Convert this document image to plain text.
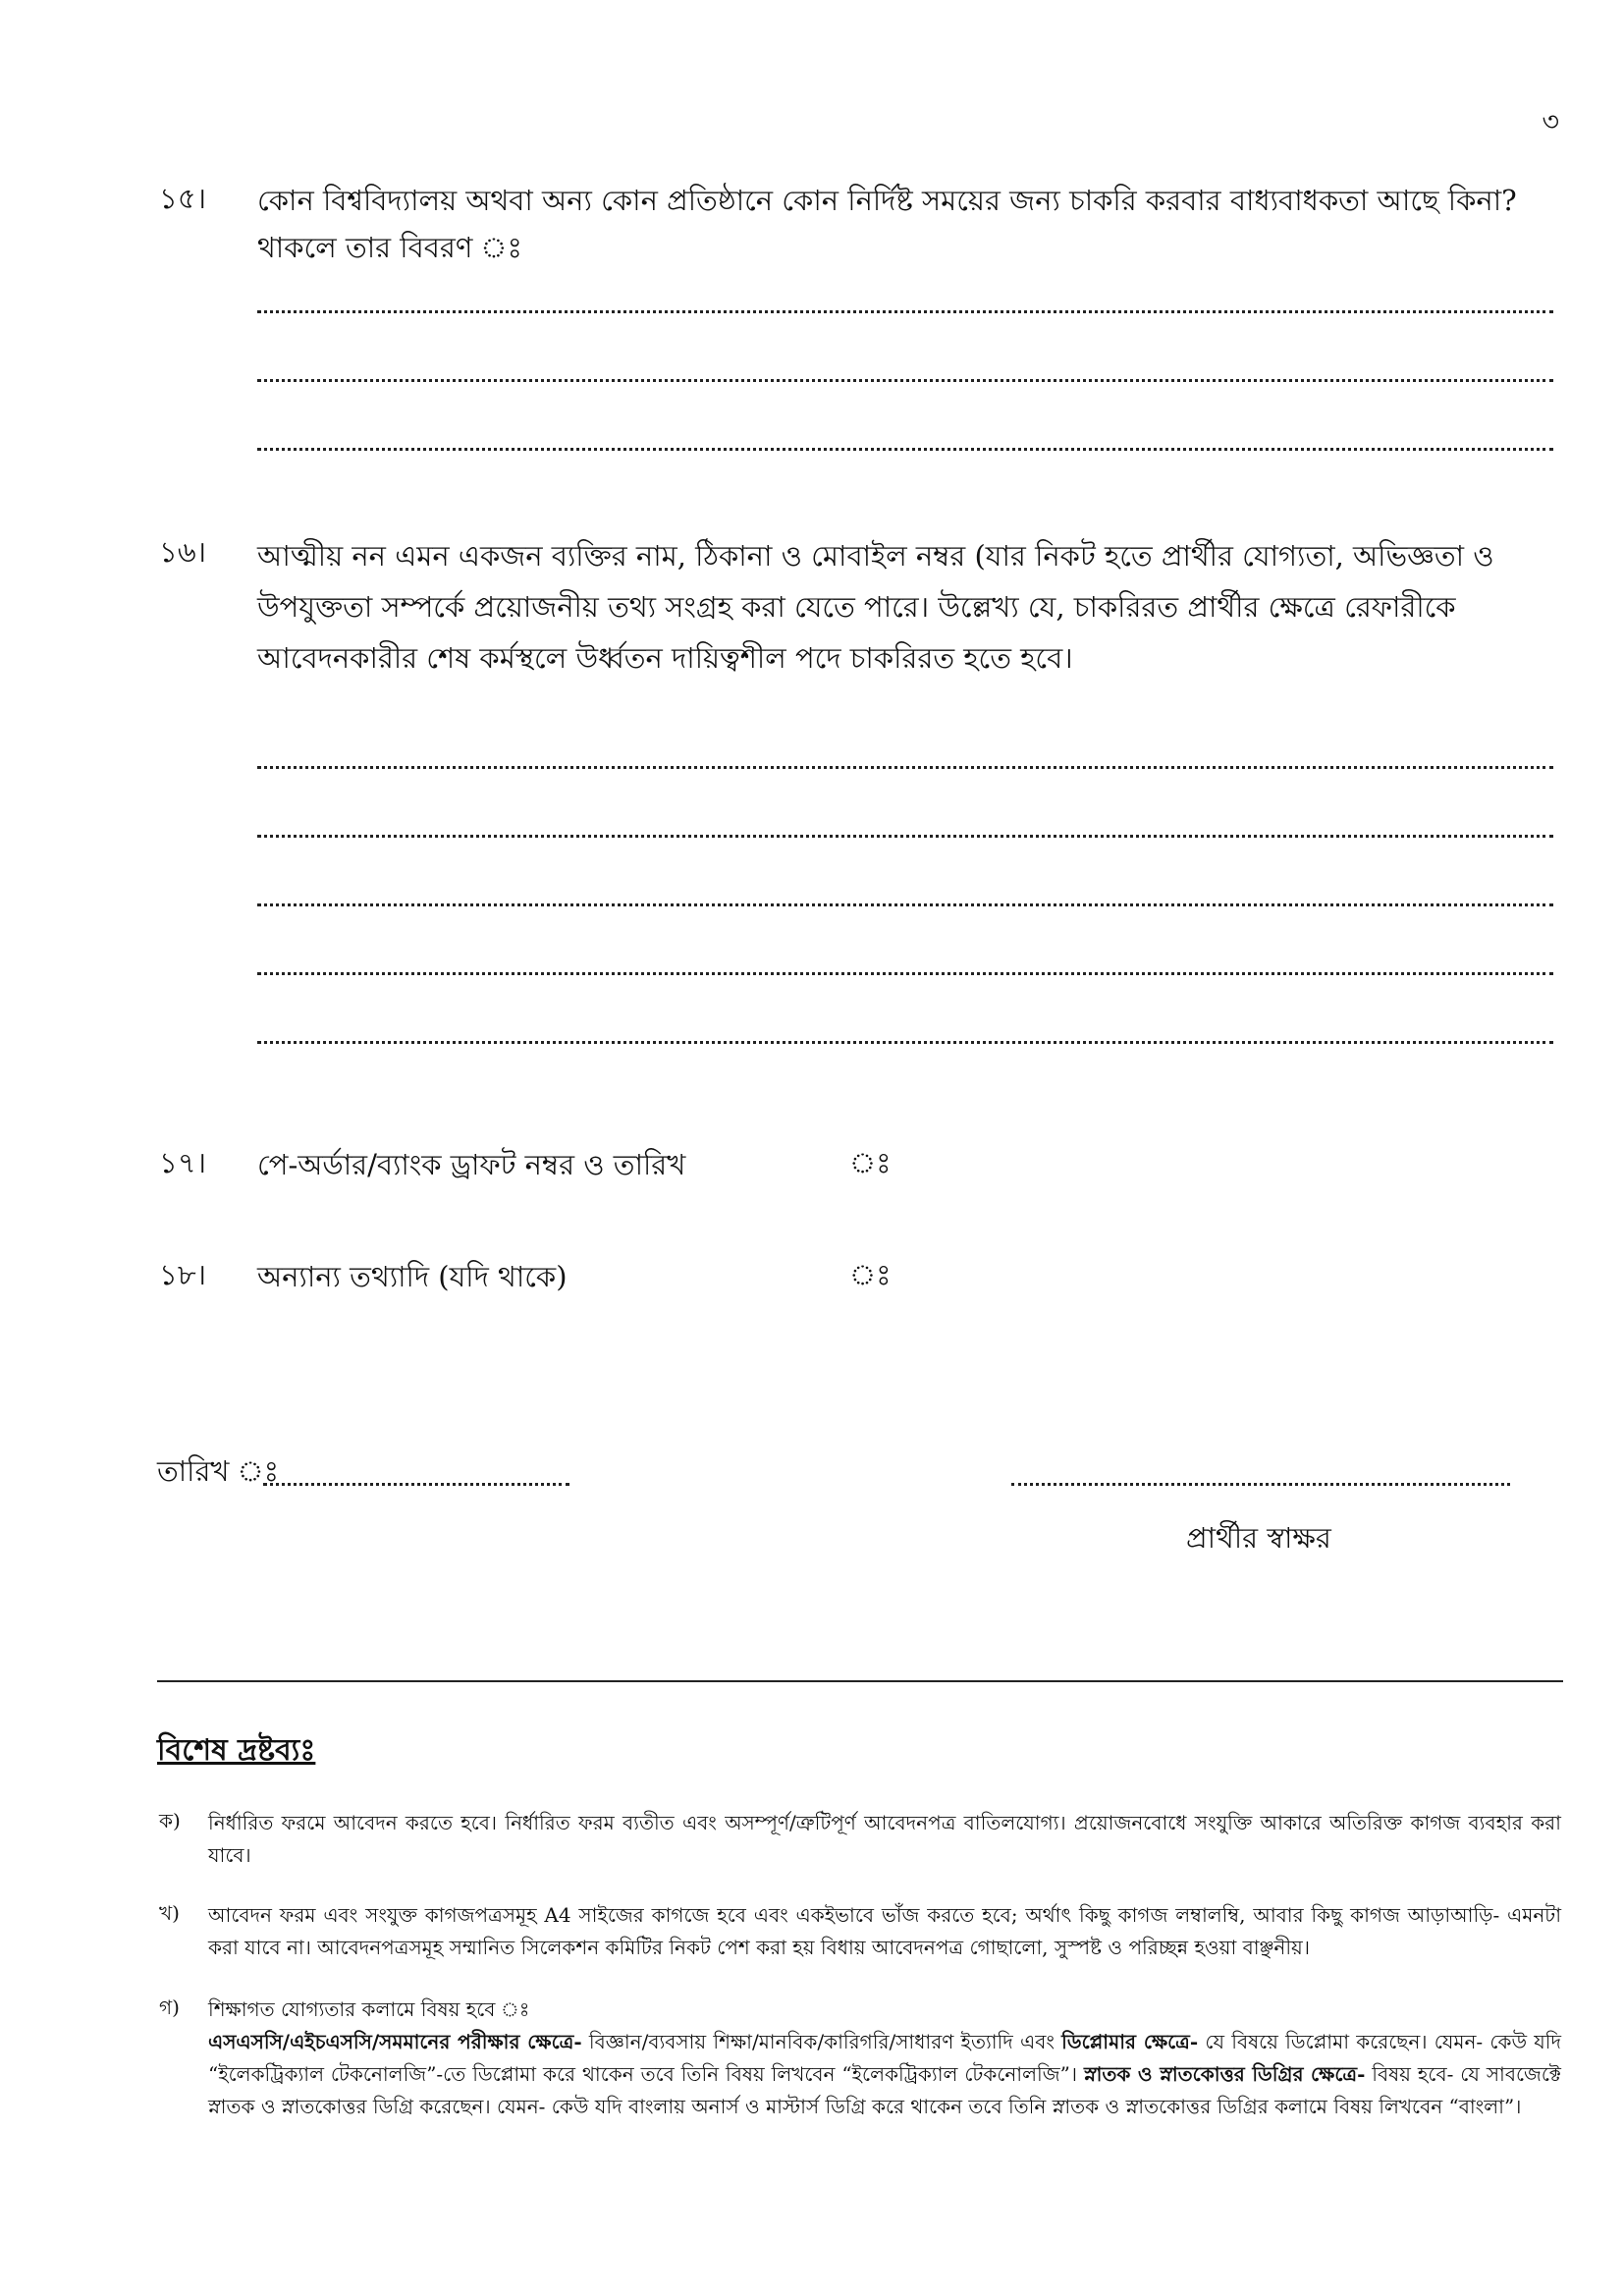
৩
১৫। কোন বিশ্ববিদ্যালয় অথবা অন্য কোন প্রতিষ্ঠানে কোন নির্দিষ্ট সময়ের জন্য চাকরি করবার বাধ্যবাধকতা আছে কিনা?
থাকলে তার বিবরণ ঃ
১৬। আত্মীয় নন এমন একজন ব্যক্তির নাম, ঠিকানা ও মোবাইল নম্বর (যার নিকট হতে প্রার্থীর যোগ্যতা, অভিজ্ঞতা ও
উপযুক্ততা সম্পর্কে প্রয়োজনীয় তথ্য সংগ্রহ করা যেতে পারে। উল্লেখ্য যে, চাকরিরত প্রার্থীর ক্ষেত্রে রেফারীকে
আবেদনকারীর শেষ কর্মস্থলে উর্ধ্বতন দায়িত্বশীল পদে চাকরিরত হতে হবে।
১৭। পে-অর্ডার/ব্যাংক ড্রাফট নম্বর ও তারিখ	ঃ
১৮। অন্যান্য তথ্যাদি (যদি থাকে)	ঃ
তারিখ ঃ
প্রার্থীর স্বাক্ষর
বিশেষ দ্রষ্টব্যঃ
ক) নির্ধারিত ফরমে আবেদন করতে হবে। নির্ধারিত ফরম ব্যতীত এবং অসম্পূর্ণ/ত্রুটিপূর্ণ আবেদনপত্র বাতিলযোগ্য। প্রয়োজনবোধে সংযুক্তি আকারে অতিরিক্ত কাগজ ব্যবহার করা যাবে।
খ) আবেদন ফরম এবং সংযুক্ত কাগজপত্রসমূহ A4 সাইজের কাগজে হবে এবং একইভাবে ভাঁজ করতে হবে; অর্থাৎ কিছু কাগজ লম্বালম্বি, আবার কিছু কাগজ আড়াআড়ি- এমনটা করা যাবে না। আবেদনপত্রসমূহ সম্মানিত সিলেকশন কমিটির নিকট পেশ করা হয় বিধায় আবেদনপত্র গোছালো, সুস্পষ্ট ও পরিচ্ছন্ন হওয়া বাঞ্ছনীয়।
গ) শিক্ষাগত যোগ্যতার কলামে বিষয় হবে ঃ
এসএসসি/এইচএসসি/সমমানের পরীক্ষার ক্ষেত্রে- বিজ্ঞান/ব্যবসায় শিক্ষা/মানবিক/কারিগরি/সাধারণ ইত্যাদি এবং ডিপ্লোমার ক্ষেত্রে- যে বিষয়ে ডিপ্লোমা করেছেন। যেমন- কেউ যদি “ইলেকট্রিক্যাল টেকনোলজি”-তে ডিপ্লোমা করে থাকেন তবে তিনি বিষয় লিখবেন “ইলেকট্রিক্যাল টেকনোলজি”। স্নাতক ও স্নাতকোত্তর ডিগ্রির ক্ষেত্রে- বিষয় হবে- যে সাবজেক্টে স্নাতক ও স্নাতকোত্তর ডিগ্রি করেছেন। যেমন- কেউ যদি বাংলায় অনার্স ও মাস্টার্স ডিগ্রি করে থাকেন তবে তিনি স্নাতক ও স্নাতকোত্তর ডিগ্রির কলামে বিষয় লিখবেন “বাংলা”।
